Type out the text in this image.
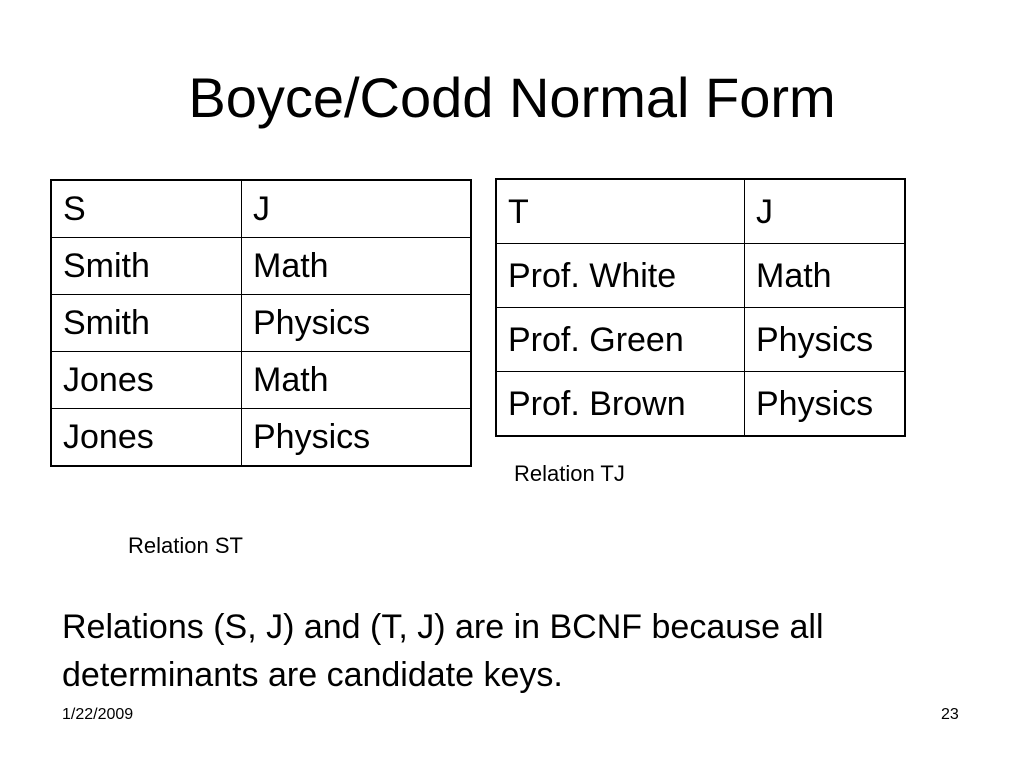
Boyce/Codd Normal Form
S	J
Smith	Math
Smith	Physics
Jones	Math
Jones	Physics
T	J
Prof. White	Math
Prof. Green	Physics
Prof. Brown	Physics
Relation TJ
Relation ST

Relations (S, J) and (T, J) are in BCNF because all determinants are candidate keys.

1/22/2009	23
